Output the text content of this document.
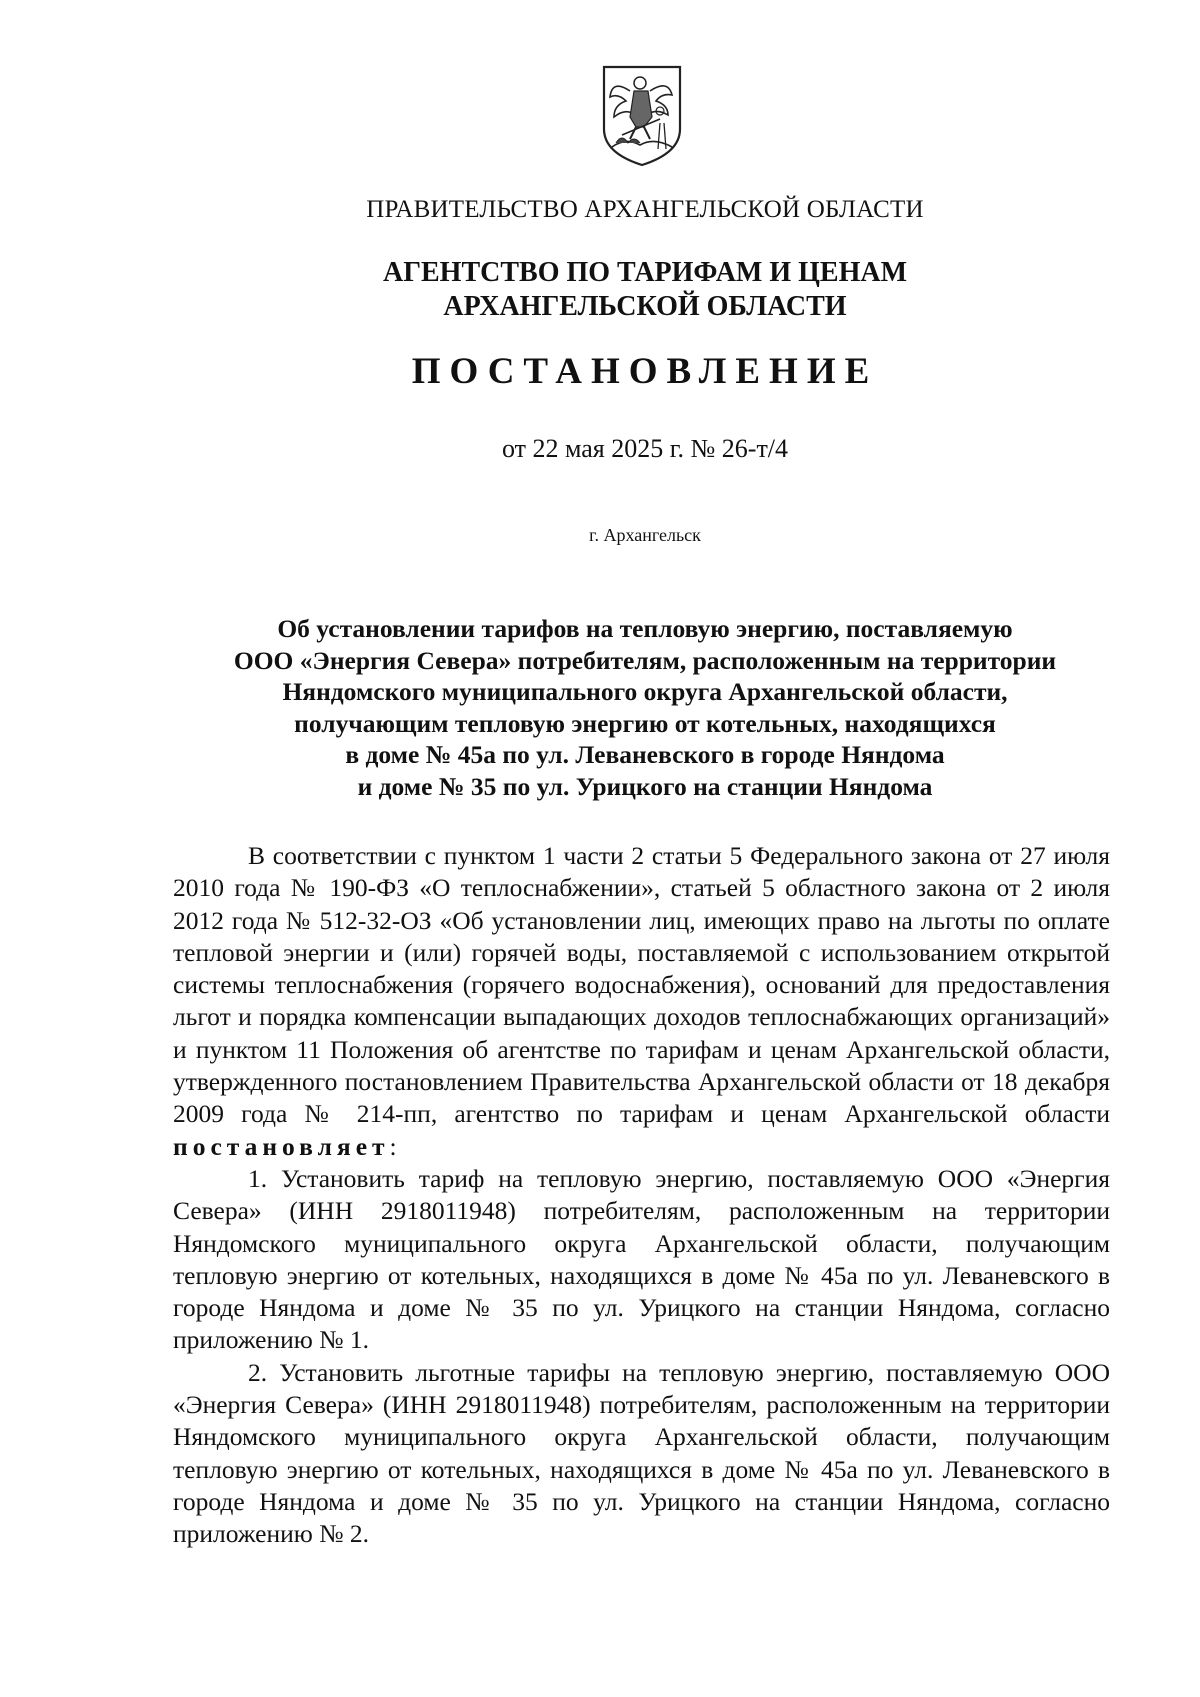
ПРАВИТЕЛЬСТВО АРХАНГЕЛЬСКОЙ ОБЛАСТИ
АГЕНТСТВО ПО ТАРИФАМ И ЦЕНАМ
АРХАНГЕЛЬСКОЙ ОБЛАСТИ
ПОСТАНОВЛЕНИЕ
от 22 мая 2025 г. № 26-т/4
г. Архангельск
Об установлении тарифов на тепловую энергию, поставляемую
ООО «Энергия Севера» потребителям, расположенным на территории
Няндомского муниципального округа Архангельской области,
получающим тепловую энергию от котельных, находящихся
в доме № 45а по ул. Леваневского в городе Няндома
и доме № 35 по ул. Урицкого на станции Няндома

В соответствии с пунктом 1 части 2 статьи 5 Федерального закона от 27 июля 2010 года № 190-ФЗ «О теплоснабжении», статьей 5 областного закона от 2 июля 2012 года № 512-32-ОЗ «Об установлении лиц, имеющих право на льготы по оплате тепловой энергии и (или) горячей воды, поставляемой с использованием открытой системы теплоснабжения (горячего водоснабжения), оснований для предоставления льгот и порядка компенсации выпадающих доходов теплоснабжающих организаций» и пунктом 11 Положения об агентстве по тарифам и ценам Архангельской области, утвержденного постановлением Правительства Архангельской области от 18 декабря 2009 года № 214-пп, агентство по тарифам и ценам Архангельской области постановляет:

1. Установить тариф на тепловую энергию, поставляемую ООО «Энергия Севера» (ИНН 2918011948) потребителям, расположенным на территории Няндомского муниципального округа Архангельской области, получающим тепловую энергию от котельных, находящихся в доме № 45а по ул. Леваневского в городе Няндома и доме № 35 по ул. Урицкого на станции Няндома, согласно приложению № 1.

2. Установить льготные тарифы на тепловую энергию, поставляемую ООО «Энергия Севера» (ИНН 2918011948) потребителям, расположенным на территории Няндомского муниципального округа Архангельской области, получающим тепловую энергию от котельных, находящихся в доме № 45а по ул. Леваневского в городе Няндома и доме № 35 по ул. Урицкого на станции Няндома, согласно приложению № 2.
